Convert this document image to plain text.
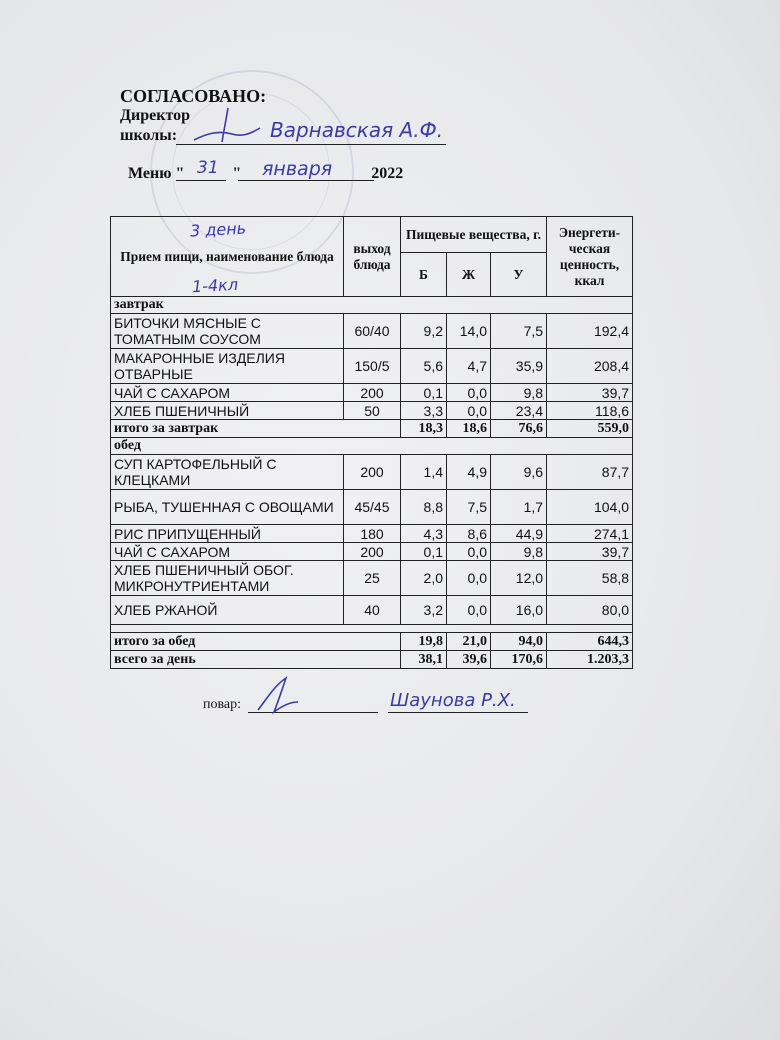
СОГЛАСОВАНО:
Директор
школы:	Варнавская А.Ф.
Меню "	"	2022
31 января
Прием пищи, наименование блюда	выход блюда	Пищевые вещества, г.			Энергети-ческая ценность, ккал
		Б	Ж	У	
завтрак					
БИТОЧКИ МЯСНЫЕ С ТОМАТНЫМ СОУСОМ	60/40	9,2	14,0	7,5	192,4
МАКАРОННЫЕ ИЗДЕЛИЯ ОТВАРНЫЕ	150/5	5,6	4,7	35,9	208,4
ЧАЙ С САХАРОМ	200	0,1	0,0	9,8	39,7
ХЛЕБ ПШЕНИЧНЫЙ	50	3,3	0,0	23,4	118,6
итого за завтрак		18,3	18,6	76,6	559,0
обед					
СУП КАРТОФЕЛЬНЫЙ С КЛЕЦКАМИ	200	1,4	4,9	9,6	87,7
РЫБА, ТУШЕННАЯ С ОВОЩАМИ	45/45	8,8	7,5	1,7	104,0
РИС ПРИПУЩЕННЫЙ	180	4,3	8,6	44,9	274,1
ЧАЙ С САХАРОМ	200	0,1	0,0	9,8	39,7
ХЛЕБ ПШЕНИЧНЫЙ ОБОГ. МИКРОНУТРИЕНТАМИ	25	2,0	0,0	12,0	58,8
ХЛЕБ РЖАНОЙ	40	3,2	0,0	16,0	80,0

итого за обед		19,8	21,0	94,0	644,3
всего за день		38,1	39,6	170,6	1.203,3
3 день
1-4кл
повар:	Шаунова Р.Х.
